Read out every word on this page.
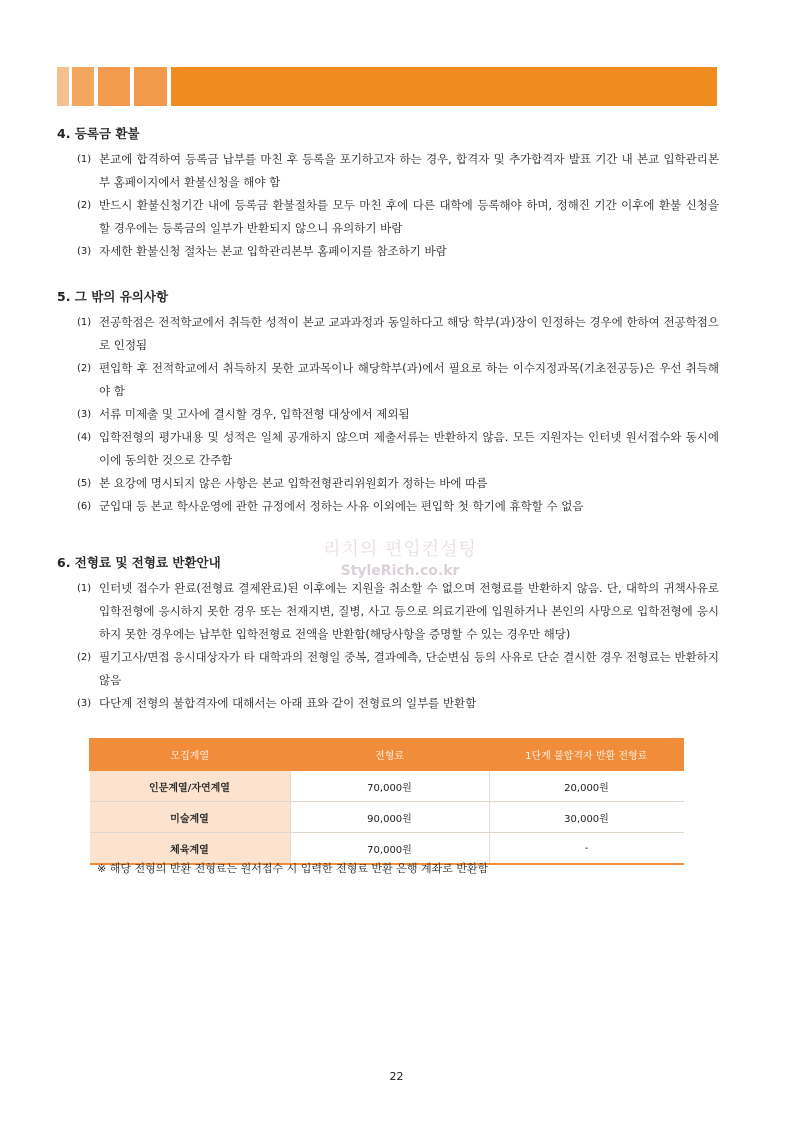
4. 등록금 환불
(1) 본교에 합격하여 등록금 납부를 마친 후 등록을 포기하고자 하는 경우, 합격자 및 추가합격자 발표 기간 내 본교 입학관리본부 홈페이지에서 환불신청을 해야 함
(2) 반드시 환불신청기간 내에 등록금 환불절차를 모두 마친 후에 다른 대학에 등록해야 하며, 정해진 기간 이후에 환불 신청을 할 경우에는 등록금의 일부가 반환되지 않으니 유의하기 바람
(3) 자세한 환불신청 절차는 본교 입학관리본부 홈페이지를 참조하기 바람
5. 그 밖의 유의사항
(1) 전공학점은 전적학교에서 취득한 성적이 본교 교과과정과 동일하다고 해당 학부(과)장이 인정하는 경우에 한하여 전공학점으로 인정됨
(2) 편입학 후 전적학교에서 취득하지 못한 교과목이나 해당학부(과)에서 필요로 하는 이수지정과목(기초전공등)은 우선 취득해야 함
(3) 서류 미제출 및 고사에 결시할 경우, 입학전형 대상에서 제외됨
(4) 입학전형의 평가내용 및 성적은 일체 공개하지 않으며 제출서류는 반환하지 않음. 모든 지원자는 인터넷 원서접수와 동시에 이에 동의한 것으로 간주함
(5) 본 요강에 명시되지 않은 사항은 본교 입학전형관리위원회가 정하는 바에 따름
(6) 군입대 등 본교 학사운영에 관한 규정에서 정하는 사유 이외에는 편입학 첫 학기에 휴학할 수 없음
리치의 편입컨설팅
StyleRich.co.kr
6. 전형료 및 전형료 반환안내
(1) 인터넷 접수가 완료(전형료 결제완료)된 이후에는 지원을 취소할 수 없으며 전형료를 반환하지 않음. 단, 대학의 귀책사유로 입학전형에 응시하지 못한 경우 또는 천재지변, 질병, 사고 등으로 의료기관에 입원하거나 본인의 사망으로 입학전형에 응시하지 못한 경우에는 납부한 입학전형료 전액을 반환함(해당사항을 증명할 수 있는 경우만 해당)
(2) 필기고사/면접 응시대상자가 타 대학과의 전형일 중복, 결과예측, 단순변심 등의 사유로 단순 결시한 경우 전형료는 반환하지 않음
(3) 다단계 전형의 불합격자에 대해서는 아래 표와 같이 전형료의 일부를 반환함
모집계열	전형료	1단계 불합격자 반환 전형료
인문계열/자연계열	70,000원	20,000원
미술계열	90,000원	30,000원
체육계열	70,000원	-
※ 해당 전형의 반환 전형료는 원서접수 시 입력한 전형료 반환 은행 계좌로 반환함
22
